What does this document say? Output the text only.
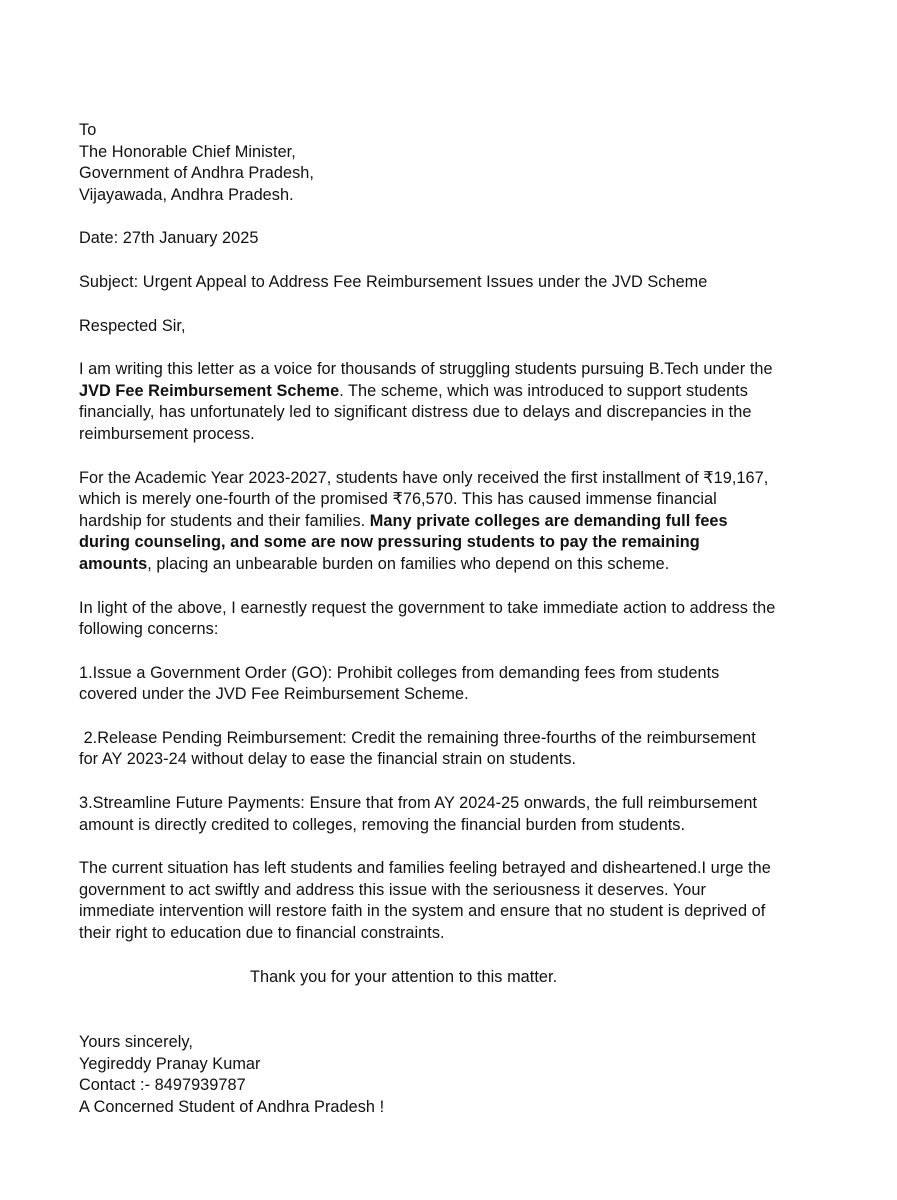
To
The Honorable Chief Minister,
Government of Andhra Pradesh,
Vijayawada, Andhra Pradesh.
Date: 27th January 2025
Subject: Urgent Appeal to Address Fee Reimbursement Issues under the JVD Scheme
Respected Sir,
I am writing this letter as a voice for thousands of struggling students pursuing B.Tech under the
JVD Fee Reimbursement Scheme. The scheme, which was introduced to support students
financially, has unfortunately led to significant distress due to delays and discrepancies in the
reimbursement process.
For the Academic Year 2023-2027, students have only received the first installment of ₹19,167,
which is merely one-fourth of the promised ₹76,570. This has caused immense financial
hardship for students and their families. Many private colleges are demanding full fees
during counseling, and some are now pressuring students to pay the remaining
amounts, placing an unbearable burden on families who depend on this scheme.
In light of the above, I earnestly request the government to take immediate action to address the
following concerns:
1.Issue a Government Order (GO): Prohibit colleges from demanding fees from students
covered under the JVD Fee Reimbursement Scheme.
2.Release Pending Reimbursement: Credit the remaining three-fourths of the reimbursement
for AY 2023-24 without delay to ease the financial strain on students.
3.Streamline Future Payments: Ensure that from AY 2024-25 onwards, the full reimbursement
amount is directly credited to colleges, removing the financial burden from students.
The current situation has left students and families feeling betrayed and disheartened.I urge the
government to act swiftly and address this issue with the seriousness it deserves. Your
immediate intervention will restore faith in the system and ensure that no student is deprived of
their right to education due to financial constraints.
Thank you for your attention to this matter.
Yours sincerely,
Yegireddy Pranay Kumar
Contact :- 8497939787
A Concerned Student of Andhra Pradesh !
